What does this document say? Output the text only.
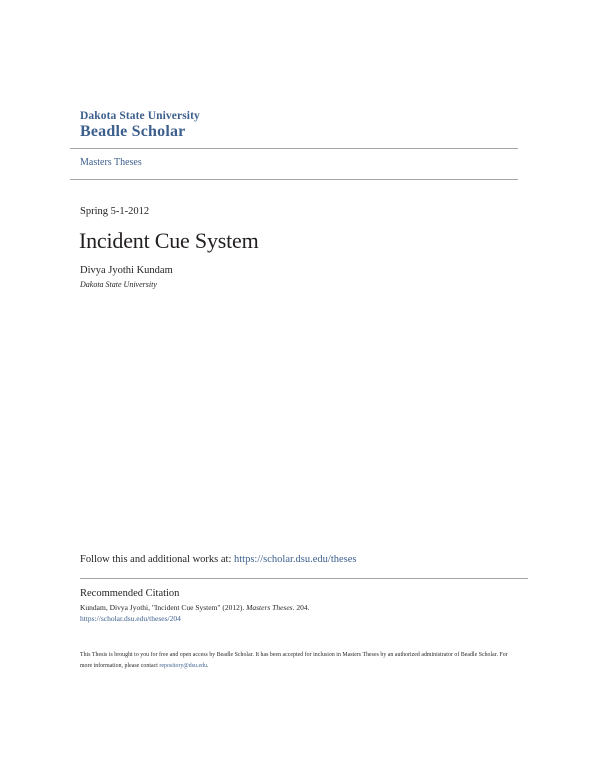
Dakota State University
Beadle Scholar
Masters Theses
Spring 5-1-2012
Incident Cue System
Divya Jyothi Kundam
Dakota State University
Follow this and additional works at: https://scholar.dsu.edu/theses
Recommended Citation
Kundam, Divya Jyothi, "Incident Cue System" (2012). Masters Theses. 204.
https://scholar.dsu.edu/theses/204
This Thesis is brought to you for free and open access by Beadle Scholar. It has been accepted for inclusion in Masters Theses by an authorized administrator of Beadle Scholar. For more information, please contact repository@dsu.edu.
